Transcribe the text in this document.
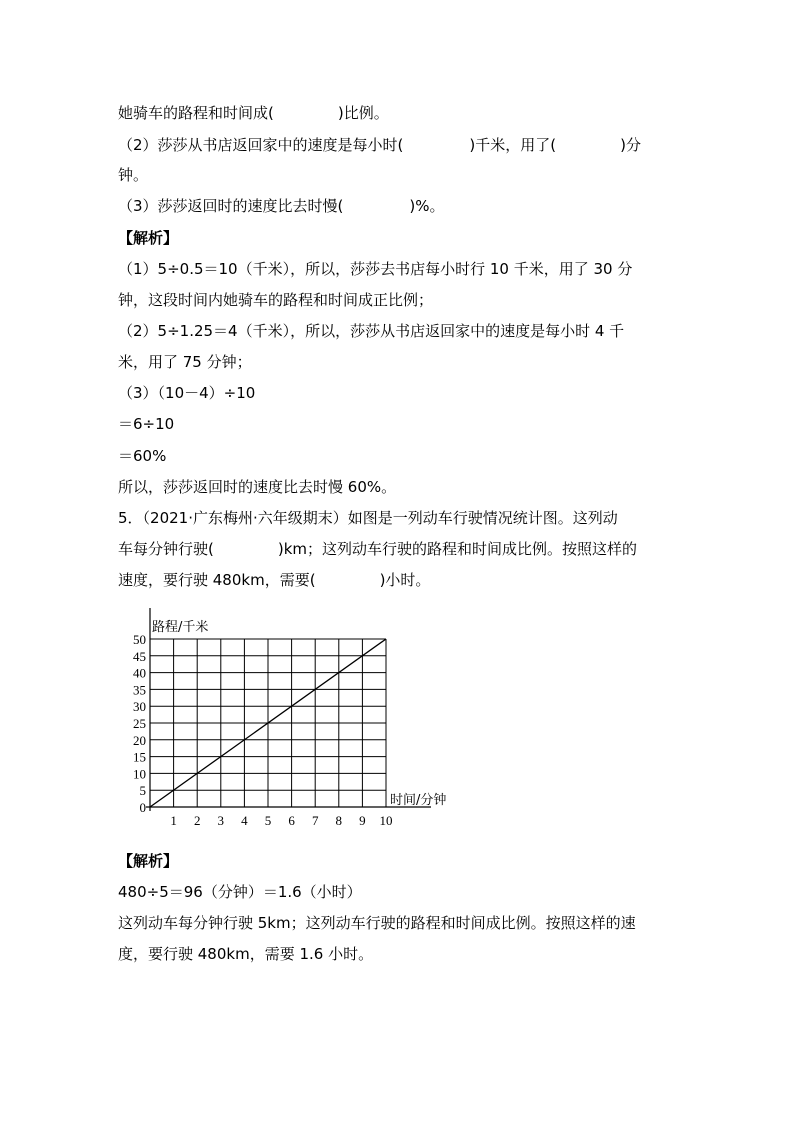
她骑车的路程和时间成(	)比例。
（2）莎莎从书店返回家中的速度是每小时(	)千米，用了(	)分
钟。
（3）莎莎返回时的速度比去时慢(	)%。
【解析】
（1）5÷0.5＝10（千米），所以，莎莎去书店每小时行 10 千米，用了 30 分
钟，这段时间内她骑车的路程和时间成正比例；
（2）5÷1.25＝4（千米），所以，莎莎从书店返回家中的速度是每小时 4 千
米，用了 75 分钟；
（3）（10－4）÷10
＝6÷10
＝60%
所以，莎莎返回时的速度比去时慢 60%。
5．（2021·广东梅州·六年级期末）如图是一列动车行驶情况统计图。这列动
车每分钟行驶(	)km；这列动车行驶的路程和时间成比例。按照这样的
速度，要行驶 480km，需要(	)小时。
1 2 3 4 5 6 7 8 9 10
0
5
10
15
20
25
30
35
40
45
50
路程/千米
时间/分钟
【解析】
480÷5＝96（分钟）＝1.6（小时）
这列动车每分钟行驶 5km；这列动车行驶的路程和时间成比例。按照这样的速
度，要行驶 480km，需要 1.6 小时。
